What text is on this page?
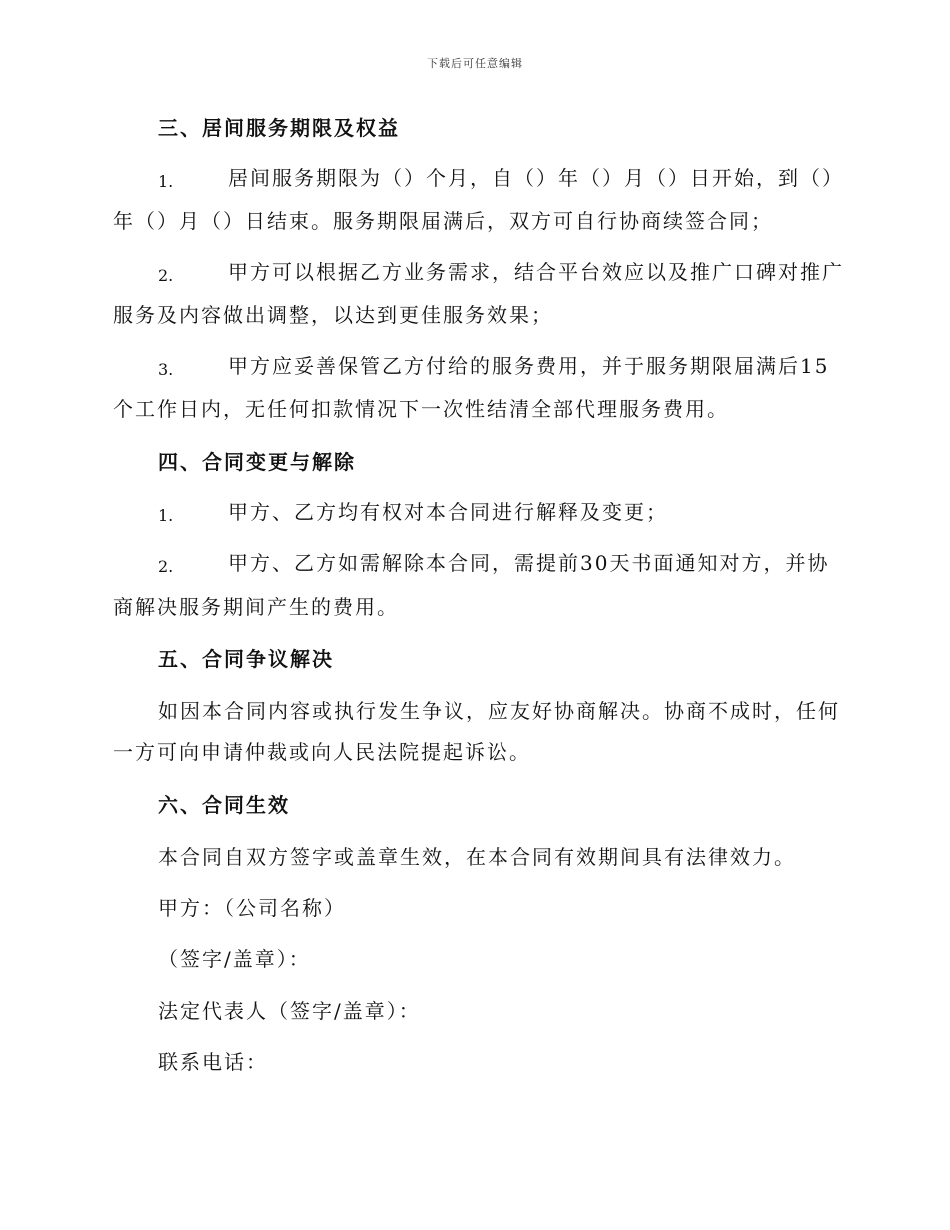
下载后可任意编辑
三、居间服务期限及权益
1.	居间服务期限为（）个月，自（）年（）月（）日开始，到（）
年（）月（）日结束。服务期限届满后，双方可自行协商续签合同；
2.	甲方可以根据乙方业务需求，结合平台效应以及推广口碑对推广
服务及内容做出调整，以达到更佳服务效果；
3.	甲方应妥善保管乙方付给的服务费用，并于服务期限届满后15
个工作日内，无任何扣款情况下一次性结清全部代理服务费用。
四、合同变更与解除
1.	甲方、乙方均有权对本合同进行解释及变更；
2.	甲方、乙方如需解除本合同，需提前30天书面通知对方，并协
商解决服务期间产生的费用。
五、合同争议解决
如因本合同内容或执行发生争议，应友好协商解决。协商不成时，任何
一方可向申请仲裁或向人民法院提起诉讼。
六、合同生效
本合同自双方签字或盖章生效，在本合同有效期间具有法律效力。
甲方：（公司名称）
（签字/盖章）：
法定代表人（签字/盖章）：
联系电话：
